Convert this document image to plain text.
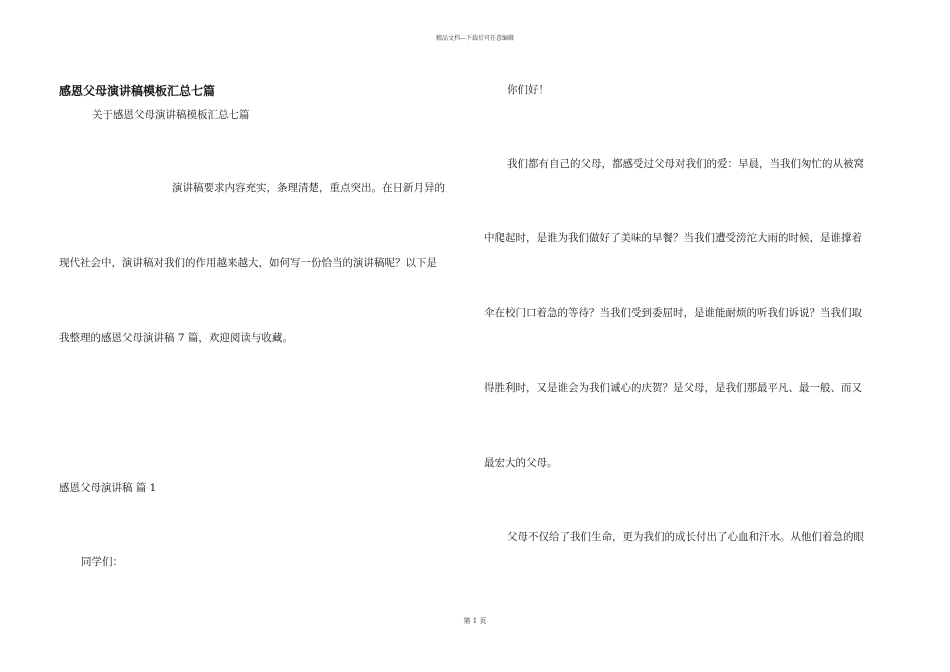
精品文档---下载后可任意编辑
感恩父母演讲稿模板汇总七篇
关于感恩父母演讲稿模板汇总七篇
演讲稿要求内容充实，条理清楚，重点突出。在日新月异的
现代社会中，演讲稿对我们的作用越来越大，如何写一份恰当的演讲稿呢？以下是
我整理的感恩父母演讲稿 7 篇，欢迎阅读与收藏。
感恩父母演讲稿 篇 1
同学们：
你们好！
我们都有自己的父母，都感受过父母对我们的爱：早晨，当我们匆忙的从被窝
中爬起时，是谁为我们做好了美味的早餐？当我们遭受滂沱大雨的时候，是谁撑着
伞在校门口着急的等待？当我们受到委屈时，是谁能耐烦的听我们诉说？当我们取
得胜利时，又是谁会为我们诚心的庆贺？是父母，是我们那最平凡、最一般、而又
最宏大的父母。
父母不仅给了我们生命，更为我们的成长付出了心血和汗水。从他们着急的眼
第 1 页
